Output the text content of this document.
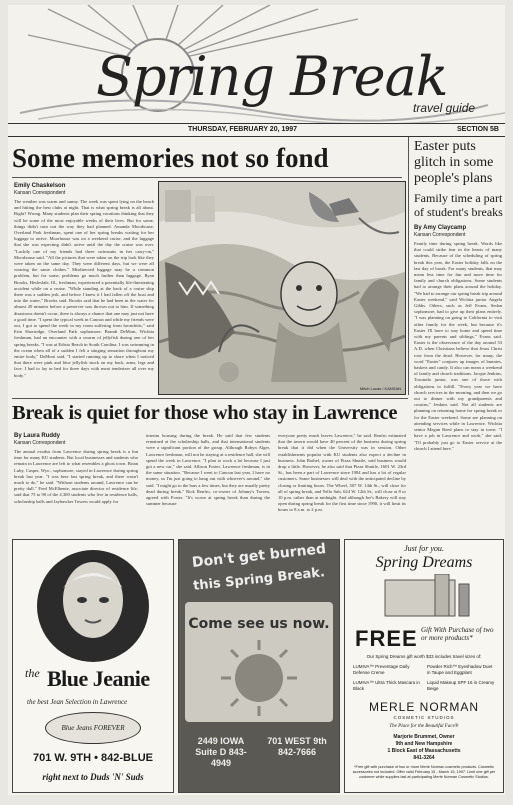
Spring Break
travel guide
THURSDAY, FEBRUARY 20, 1997	SECTION 5B
Some memories not so fond
Emily Chaskelson
Kansan Correspondent
The weather was warm and sunny. The week was spent lying on the beach and hitting the best clubs at night. That is what spring break is all about. Right? Wrong. Many students plan their spring vacations thinking that they will be some of the most enjoyable weeks of their lives. But for some, things didn't turn out the way they had planned. Amanda Moorhouse, Overland Park freshman, spent one of her spring breaks waiting for her luggage to arrive. Moorhouse was on a weekend cruise, and the luggage that she was expecting didn't arrive until the day the cruise was over. "Luckily one of my friends had three swimsuits in her carry-on," Moorhouse said. "All the pictures that were taken on the trip look like they were taken on the same day. They were different days, but we were all wearing the same clothes." Misdirected luggage may be a common problem, but for some, problems go much further than luggage. Ryan Brooks, Hesleslale, Ill., freshman, experienced a potentially life-threatening accident while on a cruise. "While standing at the back of a cruise ship there was a sudden jerk, and before I knew it I had fallen off the boat and into the water," Brooks said. Brooks said that he had been in the water for almost 20 minutes before a preserver was thrown out to him. If something disastrous doesn't occur, there is always a chance that one may just not have a good time. "I spent the typical week in Cancun and while my friends were out, I got to spend the week in my room suffering from bronchitis," said Erin Shortridge, Overland Park sophomore. Brandi DeMont, Wichita freshman, had an encounter with a swarm of jellyfish during one of her spring breaks. "I was at Edisto Beach in South Carolina. I was swimming in the ocean when all of a sudden I felt a stinging sensation throughout my entire body," DeMont said. "I started running up to shore when I noticed that there were pink and blue jellyfish stuck on my back, arms, legs and face. I had to lay in bed for three days with meat tenderizer all over my body."
Mitch Lucas / KANSAN
Easter puts glitch in some people's plans
Family time a part of student's breaks
By Amy Claycamp
Kansan Correspondent
Family time during spring break. Words like that could strike fear in the hearts of many students. Because of the scheduling of spring break this year, the Easter holiday falls on the last day of break. For many students, that may mean less time for fun and more time for family and church obligations. Some students had to arrange their plans around the holiday. "We had to arrange our spring break trip around Easter weekend," said Wichita junior Angela Gibbs. Others, such as Jeff Evans, Sedan sophomore, had to give up their plans entirely. "I was planning on going to California to visit other family for the week, but because it's Easter I'll have to stay home and spend time with my parents and siblings," Evans said. Easter is the observance of the day around 33 A.D. when Christians believe that Jesus Christ rose from the dead. However, for many, the word "Easter" conjures up images of bunnies, baskets and candy. It also can mean a weekend of family and church traditions. Jacque Jenkins, Towanda junior, was one of those with obligations to fulfill. "Every year we have church services in the morning, and then we go out to dinner with my grandparents and cousins," Jenkins said. Not all students are planning on returning home for spring break or for the Easter weekend. Some are planning on attending services while in Lawrence. Wichita senior Megan Reed plans to stay in town. "I have a job in Lawrence and work," she said. "I'll probably just go to Easter service at the church I attend here."
Break is quiet for those who stay in Lawrence
By Laura Ruddy
Kansan Correspondent
The annual exodus from Lawrence during spring break is a fun time for many KU students. But local businesses and students who remain in Lawrence are left to what resembles a ghost town. Brian Luby, Casper, Wyo., sophomore, stayed in Lawrence during spring break last year. "I was here last spring break, and there wasn't much to do," he said. "Without students around, Lawrence can be pretty dull." Fred McElhenie, associate director of residence life, said that 75 to 90 of the 4,300 students who live in residence halls, scholarship halls and Jayhawker Towers would apply for
interim housing during the break. He said that few students remained at the scholarship halls, and that international students were a significant portion of the group. Although Robyn Alger, Lawrence freshman, will not be staying at a residence hall, she will spend the week in Lawrence. "I plan to work a lot because I just got a new car," she said. Allison Foster, Lawrence freshman, is in the same situation. "Because I went to Cancun last year, I have no money, so I'm just going to hang out with whoever's around," she said. "I might go to the bars a few times, but they are usually pretty dead during break." Rick Renfro, co-owner of Johnny's Tavern, agreed with Foster. "It's worse at spring break than during the summer because
everyone pretty much leaves Lawrence," he said. Renfro estimated that the tavern would have 40 percent of the business during spring break that it did when the University was in session. Other establishments popular with KU students also expect a decline in business. John Bothel, owner of Pizza Shuttle, said business would drop a little. However, he also said that Pizza Shuttle, 1601 W. 23rd St., has been a part of Lawrence since 1984 and has a lot of regular customers. Some businesses will deal with the anticipated decline by closing or limiting hours. The Wheel, 507 W. 14th St., will close for all of spring break, and Yello Sub, 624 W. 12th St., will close at 8 or 10 p.m. rather than at midnight. And although Joe's Bakery will stay open during spring break for the first time since 1990, it will limit its hours to 8 a.m. to 2 p.m.
the Blue Jeanie
the best Jean Selection in Lawrence
Blue Jeans FOREVER
701 W. 9TH • 842-BLUE
right next to Duds 'N' Suds
Don't get burned
this Spring Break.
Come see us now.
2449 IOWA Suite D 843-4949
701 WEST 9th 842-7666
Just for you.
Spring Dreams
FREE Gift With Purchase of two or more products*
Our Spring Dreams gift worth $33 includes travel sizes of:
LUMIVA™ Preventage Daily Defense Creme
Powder Rich™ Eyeshadow Duet in Taupe and Eggplant
LUMIVA™ Ultra Thick Mascara in Black
Liquid Makeup SPF 16 in Creamy Beige
MERLE NORMAN
COSMETIC STUDIOS
The Place for the Beautiful Face®
Marjorie Brummet, Owner
9th and New Hampshire
1 Block East of Massachusetts
841-3264
*Free gift with purchase of two or more Merle Norman cosmetic products. Cosmetic accessories not included. Offer valid February 15 - March 15, 1997. Limit one gift per customer while supplies last at participating Merle Norman Cosmetic Studios.
